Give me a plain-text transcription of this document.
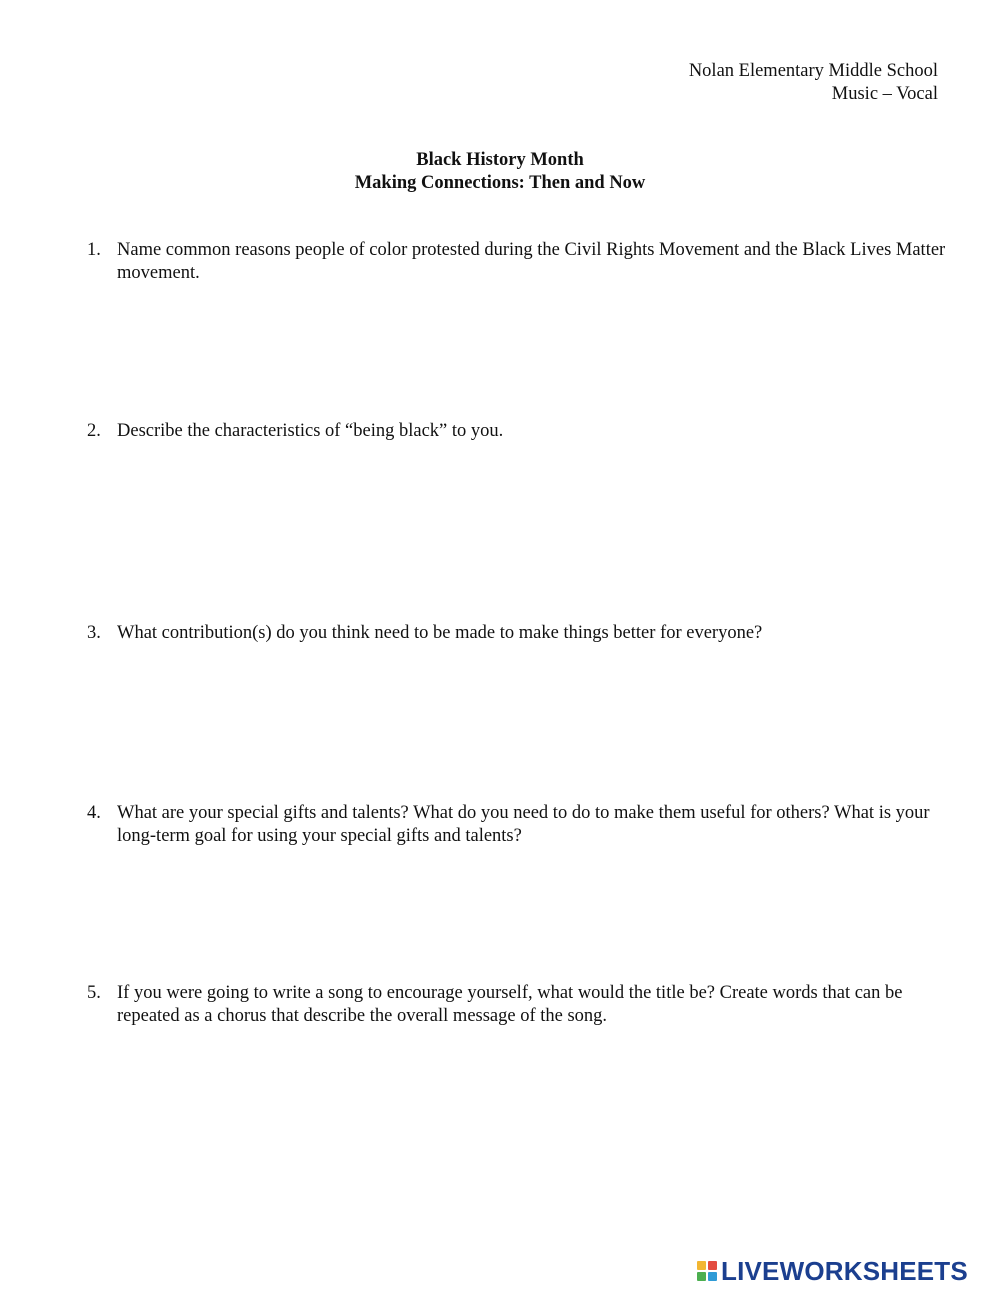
Nolan Elementary Middle School
Music – Vocal
Black History Month
Making Connections: Then and Now
1. Name common reasons people of color protested during the Civil Rights Movement and the Black Lives Matter movement.
2. Describe the characteristics of “being black” to you.
3. What contribution(s) do you think need to be made to make things better for everyone?
4. What are your special gifts and talents? What do you need to do to make them useful for others? What is your long-term goal for using your special gifts and talents?
5. If you were going to write a song to encourage yourself, what would the title be? Create words that can be repeated as a chorus that describe the overall message of the song.
LIVEWORKSHEETS
